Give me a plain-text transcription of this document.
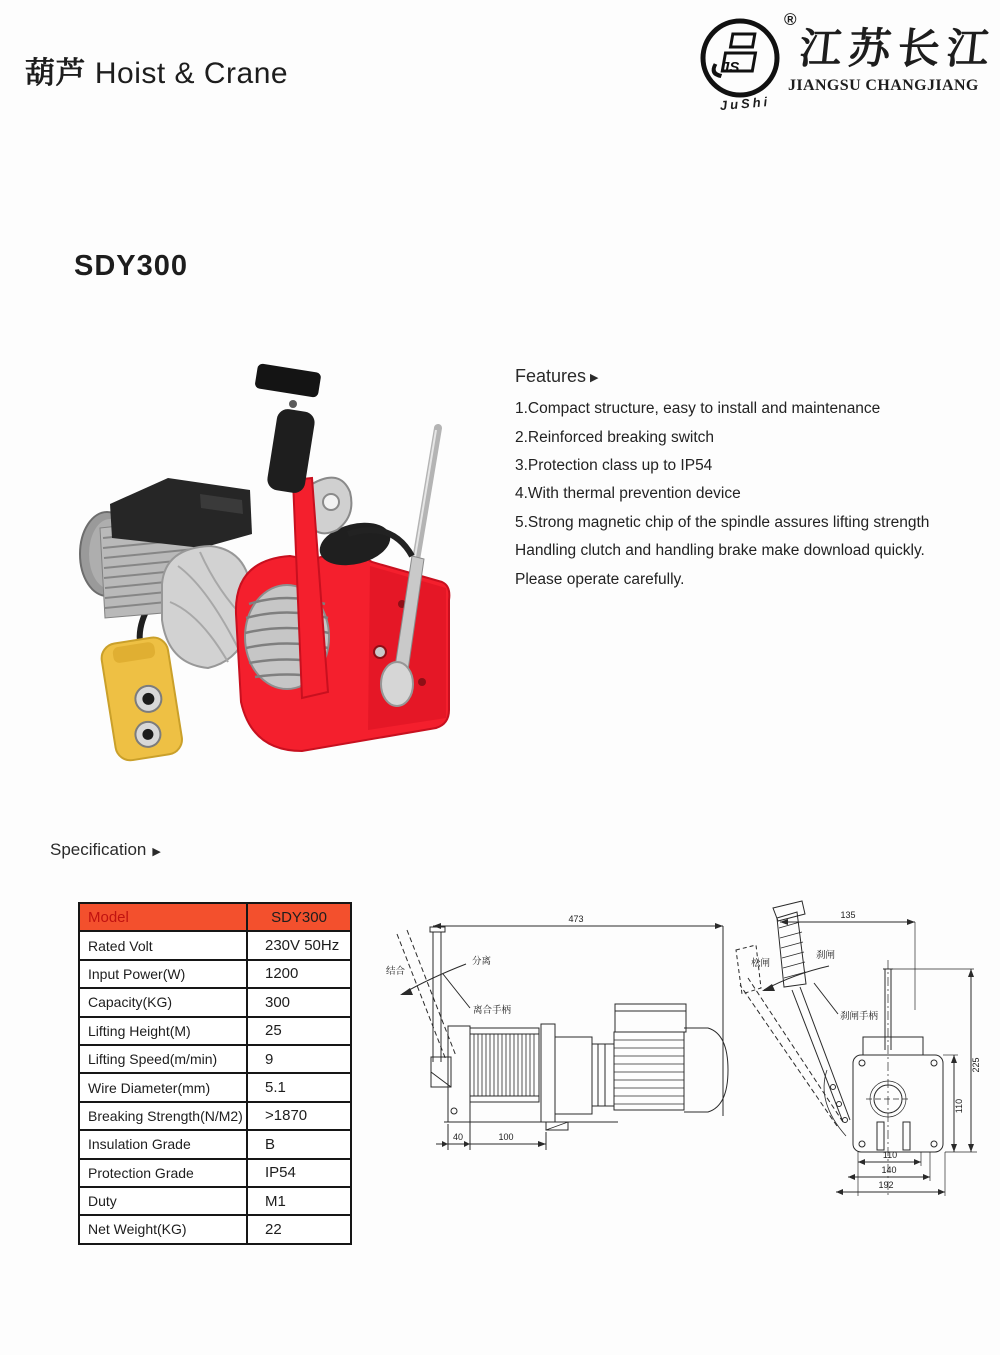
葫芦 Hoist & Crane	JS
®
江苏长江
JIANGSU CHANGJIANG
JuShi
SDY300
Features ▶
1.Compact structure, easy to install and maintenance
2.Reinforced breaking switch
3.Protection class up to IP54
4.With thermal prevention device
5.Strong magnetic chip of the spindle assures lifting strength
Handling clutch and handling brake make download quickly.
Please operate carefully.
Specification ▶
Model	SDY300
Rated Volt	230V 50Hz
Input Power(W)	1200
Capacity(KG)	300
Lifting Height(M)	25
Lifting Speed(m/min)	9
Wire Diameter(mm)	5.1
Breaking Strength(N/M2)	>1870
Insulation Grade	B
Protection Grade	IP54
Duty	M1
Net Weight(KG)	22
473
分离
结合
离合手柄
40	100
135
松闸
刹闸
刹闸手柄
225
110
110
140
192
